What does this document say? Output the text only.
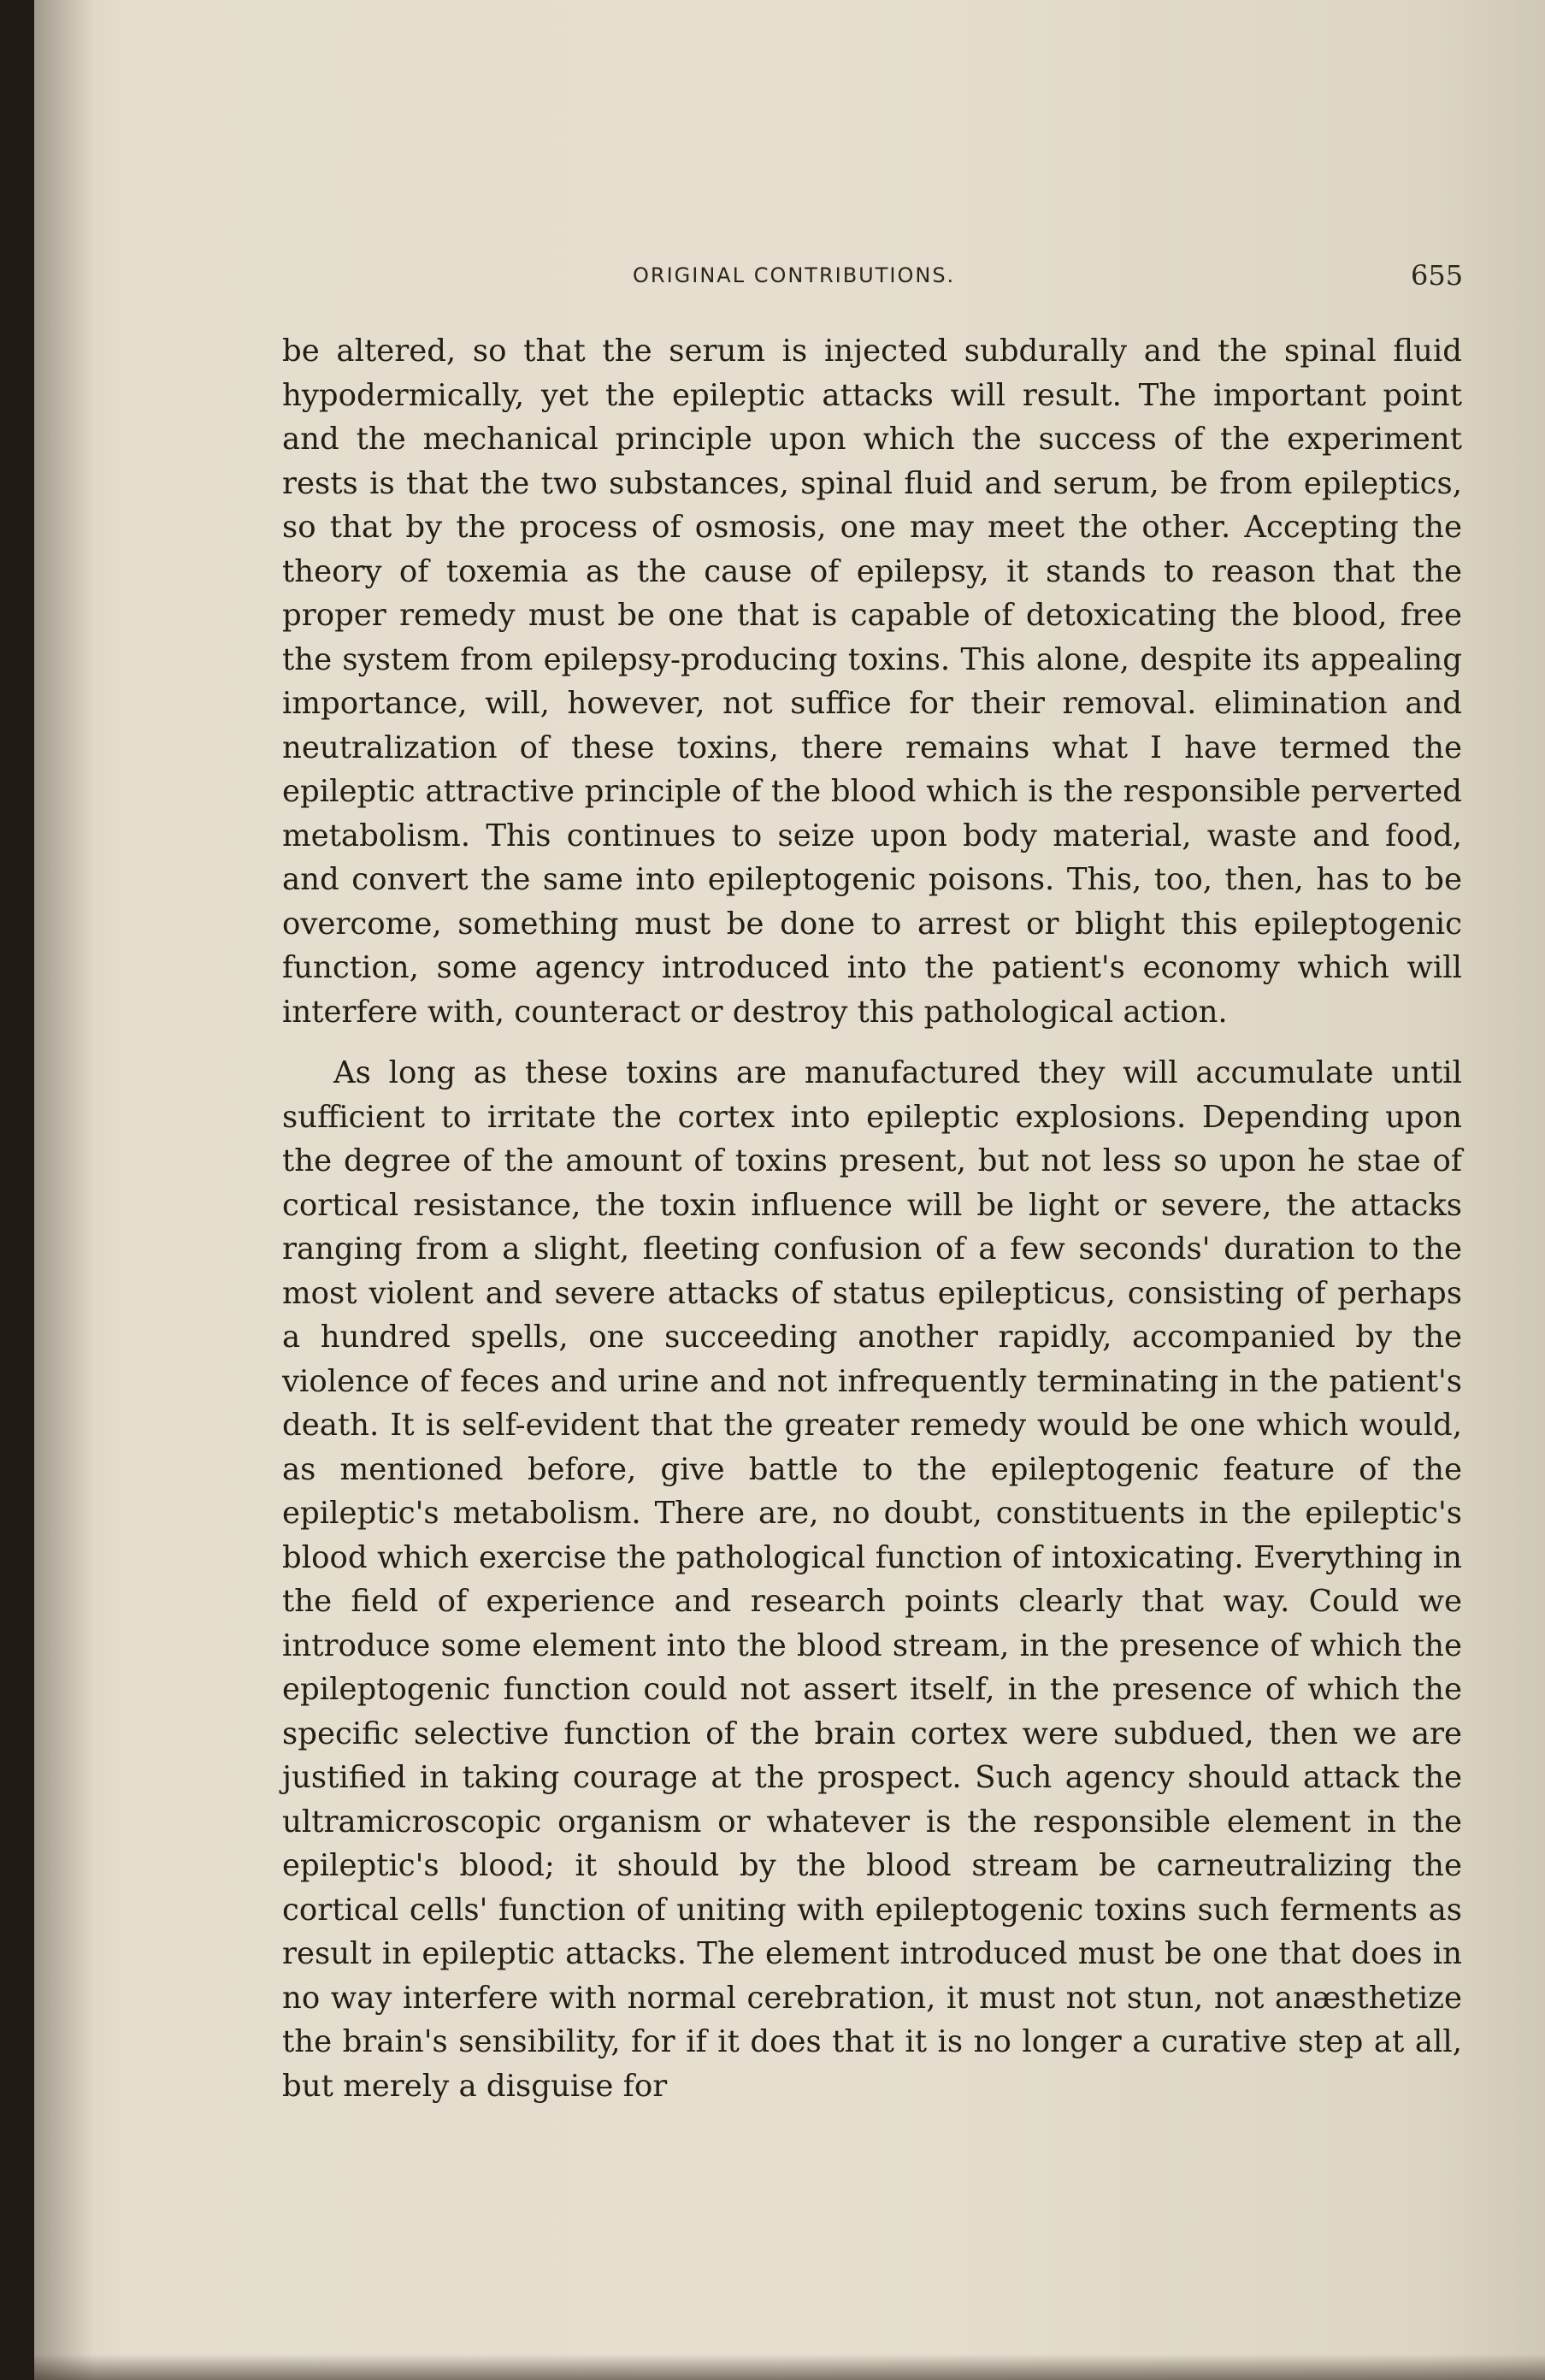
ORIGINAL CONTRIBUTIONS.	655

be altered, so that the serum is injected subdurally and the spinal fluid hypodermically, yet the epileptic attacks will result. The important point and the mechanical principle upon which the success of the experiment rests is that the two substances, spinal fluid and serum, be from epileptics, so that by the process of osmosis, one may meet the other. Accepting the theory of toxemia as the cause of epilepsy, it stands to reason that the proper remedy must be one that is capable of detoxicating the blood, free the system from epilepsy-producing toxins. This alone, despite its appealing importance, will, however, not suffice for their removal. elimination and neutralization of these toxins, there remains what I have termed the epileptic attractive principle of the blood which is the responsible perverted metabolism. This continues to seize upon body material, waste and food, and convert the same into epileptogenic poisons. This, too, then, has to be overcome, something must be done to arrest or blight this epileptogenic function, some agency introduced into the patient's economy which will interfere with, counteract or destroy this pathological action.

As long as these toxins are manufactured they will accumulate until sufficient to irritate the cortex into epileptic explosions. Depending upon the degree of the amount of toxins present, but not less so upon he stae of cortical resistance, the toxin influence will be light or severe, the attacks ranging from a slight, fleeting confusion of a few seconds' duration to the most violent and severe attacks of status epilepticus, consisting of perhaps a hundred spells, one succeeding another rapidly, accompanied by the violence of feces and urine and not infrequently terminating in the patient's death. It is self-evident that the greater remedy would be one which would, as mentioned before, give battle to the epileptogenic feature of the epileptic's metabolism. There are, no doubt, constituents in the epileptic's blood which exercise the pathological function of intoxicating. Everything in the field of experience and research points clearly that way. Could we introduce some element into the blood stream, in the presence of which the epileptogenic function could not assert itself, in the presence of which the specific selective function of the brain cortex were subdued, then we are justified in taking courage at the prospect. Such agency should attack the ultramicroscopic organism or whatever is the responsible element in the epileptic's blood; it should by the blood stream be carneutralizing the cortical cells' function of uniting with epileptogenic toxins such ferments as result in epileptic attacks. The element introduced must be one that does in no way interfere with normal cerebration, it must not stun, not anæsthetize the brain's sensibility, for if it does that it is no longer a curative step at all, but merely a disguise for
